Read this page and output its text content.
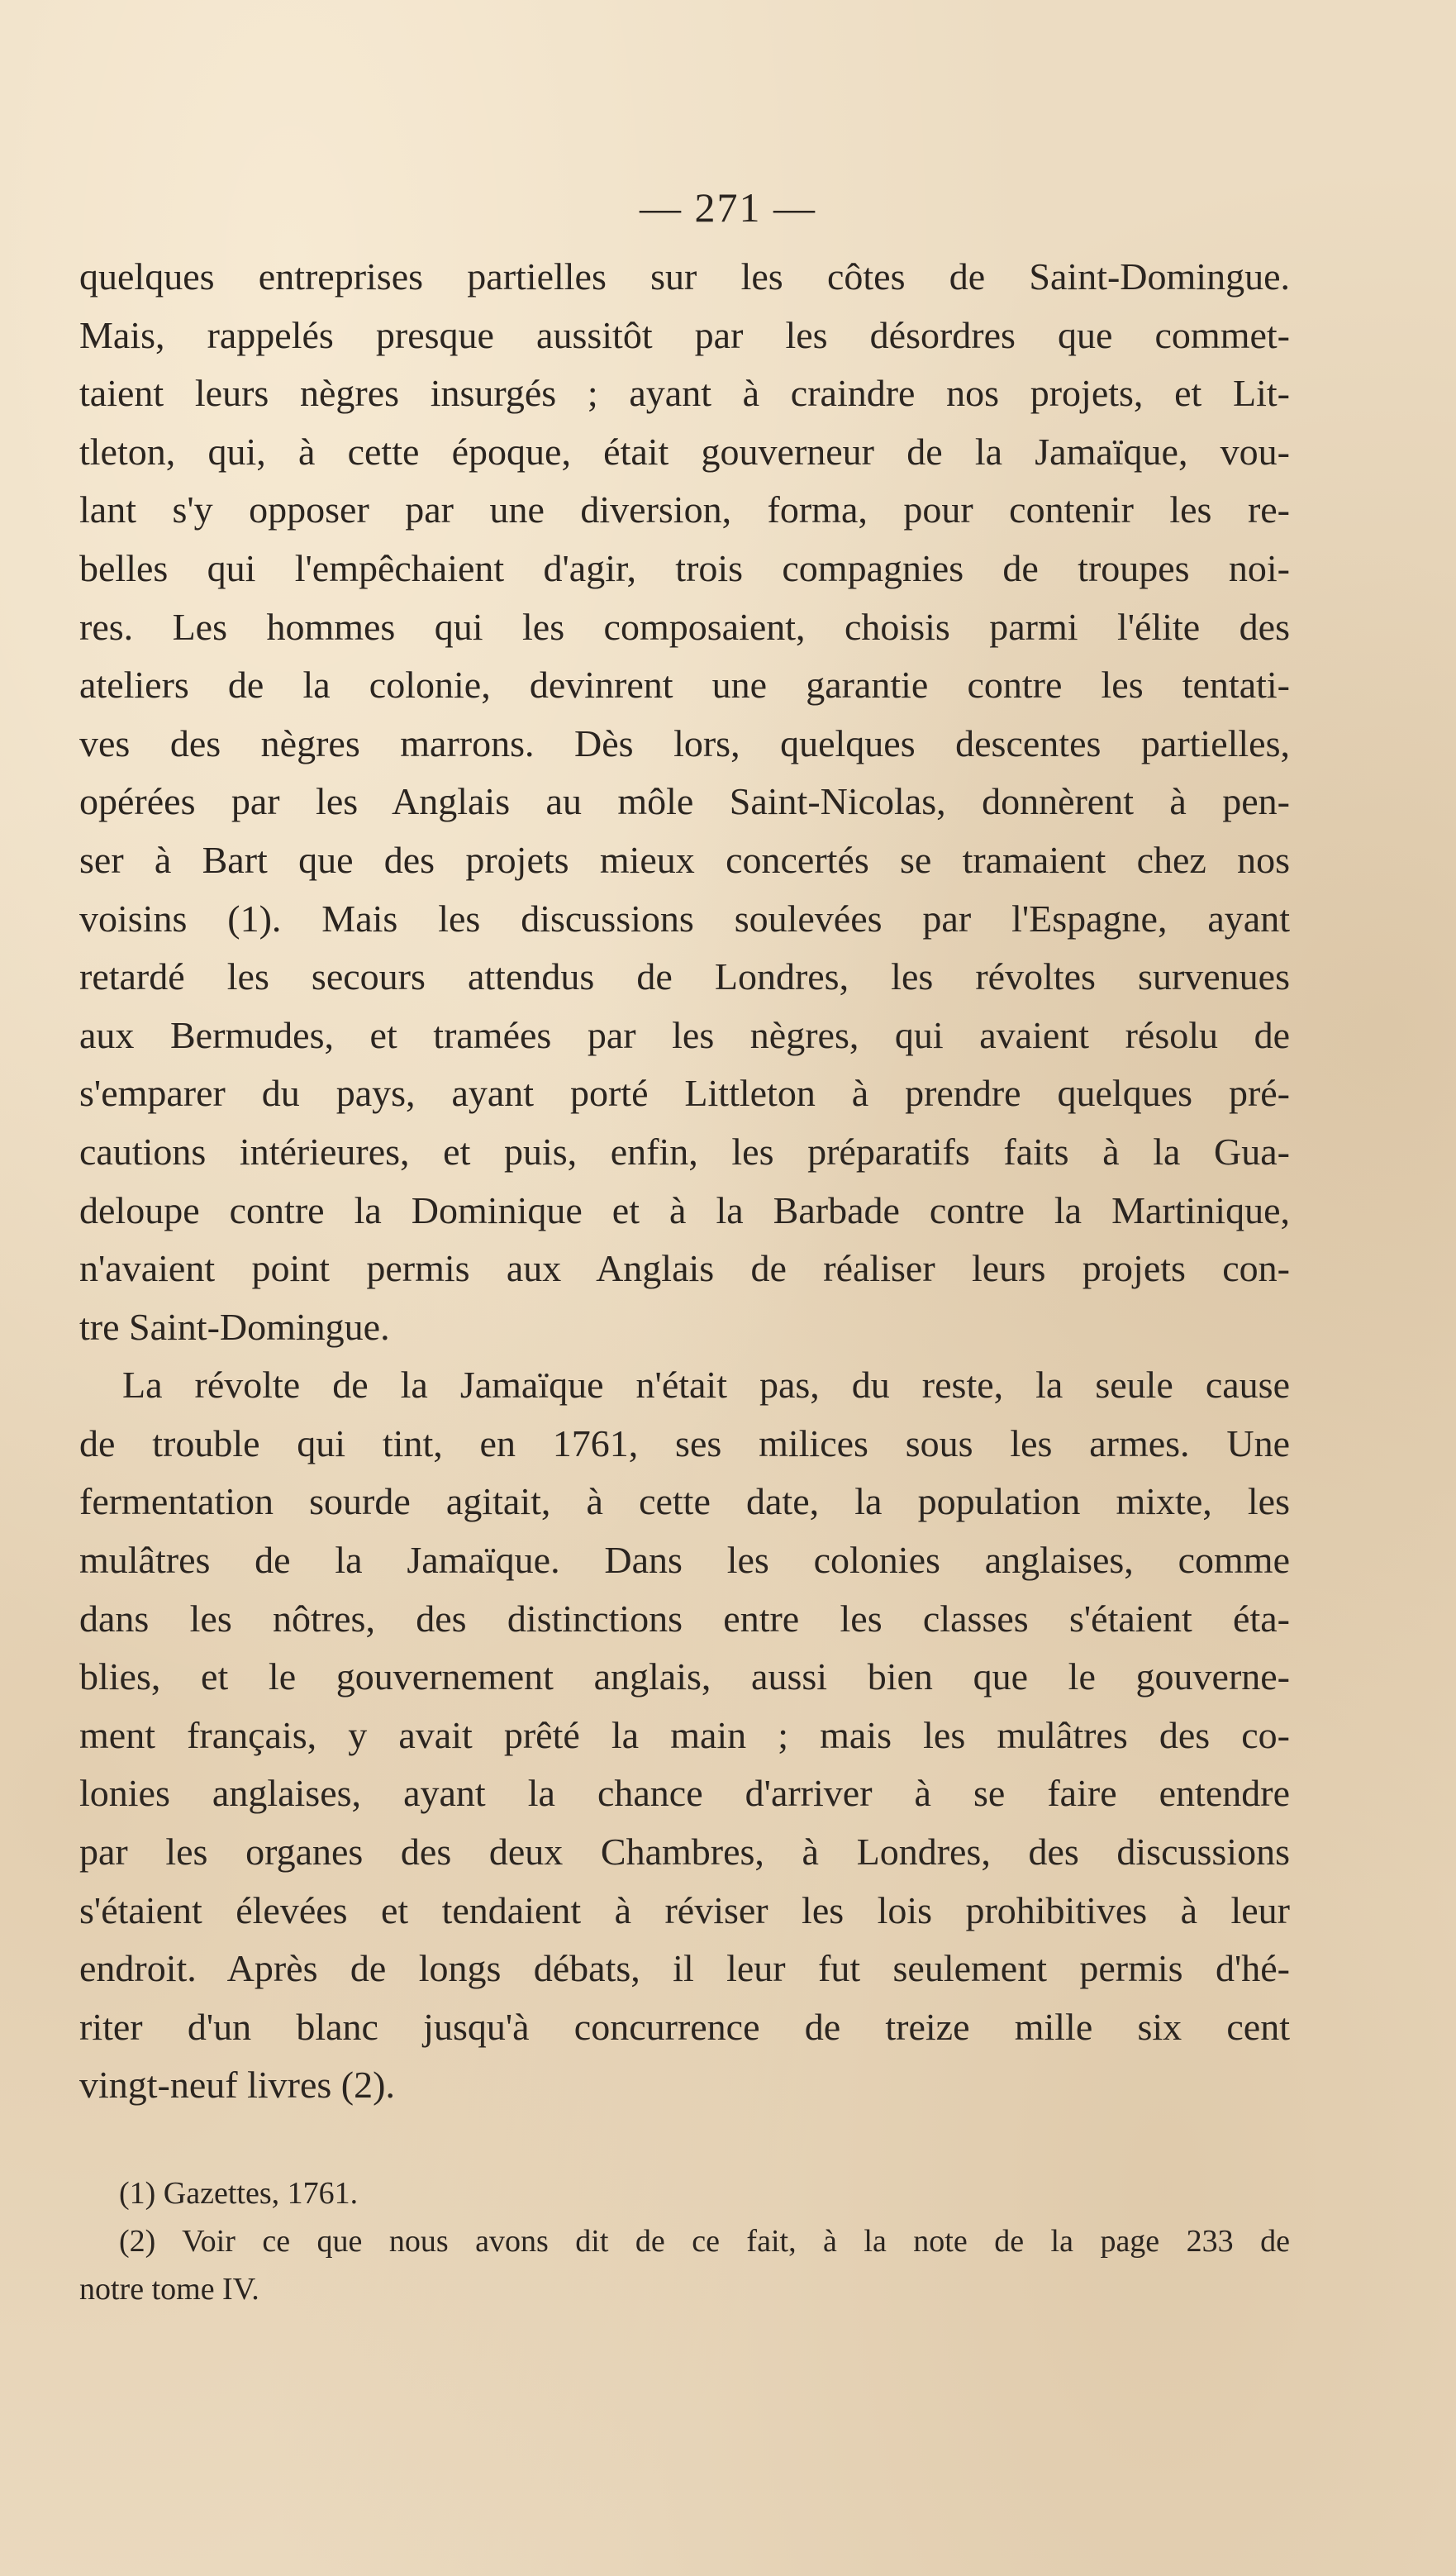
— 271 —
quelques entreprises partielles sur les côtes de Saint-Domingue.
Mais, rappelés presque aussitôt par les désordres que commet-
taient leurs nègres insurgés ; ayant à craindre nos projets, et Lit-
tleton, qui, à cette époque, était gouverneur de la Jamaïque, vou-
lant s'y opposer par une diversion, forma, pour contenir les re-
belles qui l'empêchaient d'agir, trois compagnies de troupes noi-
res. Les hommes qui les composaient, choisis parmi l'élite des
ateliers de la colonie, devinrent une garantie contre les tentati-
ves des nègres marrons. Dès lors, quelques descentes partielles,
opérées par les Anglais au môle Saint-Nicolas, donnèrent à pen-
ser à Bart que des projets mieux concertés se tramaient chez nos
voisins (1). Mais les discussions soulevées par l'Espagne, ayant
retardé les secours attendus de Londres, les révoltes survenues
aux Bermudes, et tramées par les nègres, qui avaient résolu de
s'emparer du pays, ayant porté Littleton à prendre quelques pré-
cautions intérieures, et puis, enfin, les préparatifs faits à la Gua-
deloupe contre la Dominique et à la Barbade contre la Martinique,
n'avaient point permis aux Anglais de réaliser leurs projets con-
tre Saint-Domingue.
La révolte de la Jamaïque n'était pas, du reste, la seule cause
de trouble qui tint, en 1761, ses milices sous les armes. Une
fermentation sourde agitait, à cette date, la population mixte, les
mulâtres de la Jamaïque. Dans les colonies anglaises, comme
dans les nôtres, des distinctions entre les classes s'étaient éta-
blies, et le gouvernement anglais, aussi bien que le gouverne-
ment français, y avait prêté la main ; mais les mulâtres des co-
lonies anglaises, ayant la chance d'arriver à se faire entendre
par les organes des deux Chambres, à Londres, des discussions
s'étaient élevées et tendaient à réviser les lois prohibitives à leur
endroit. Après de longs débats, il leur fut seulement permis d'hé-
riter d'un blanc jusqu'à concurrence de treize mille six cent
vingt-neuf livres (2).
(1) Gazettes, 1761.
(2) Voir ce que nous avons dit de ce fait, à la note de la page 233 de
notre tome IV.
